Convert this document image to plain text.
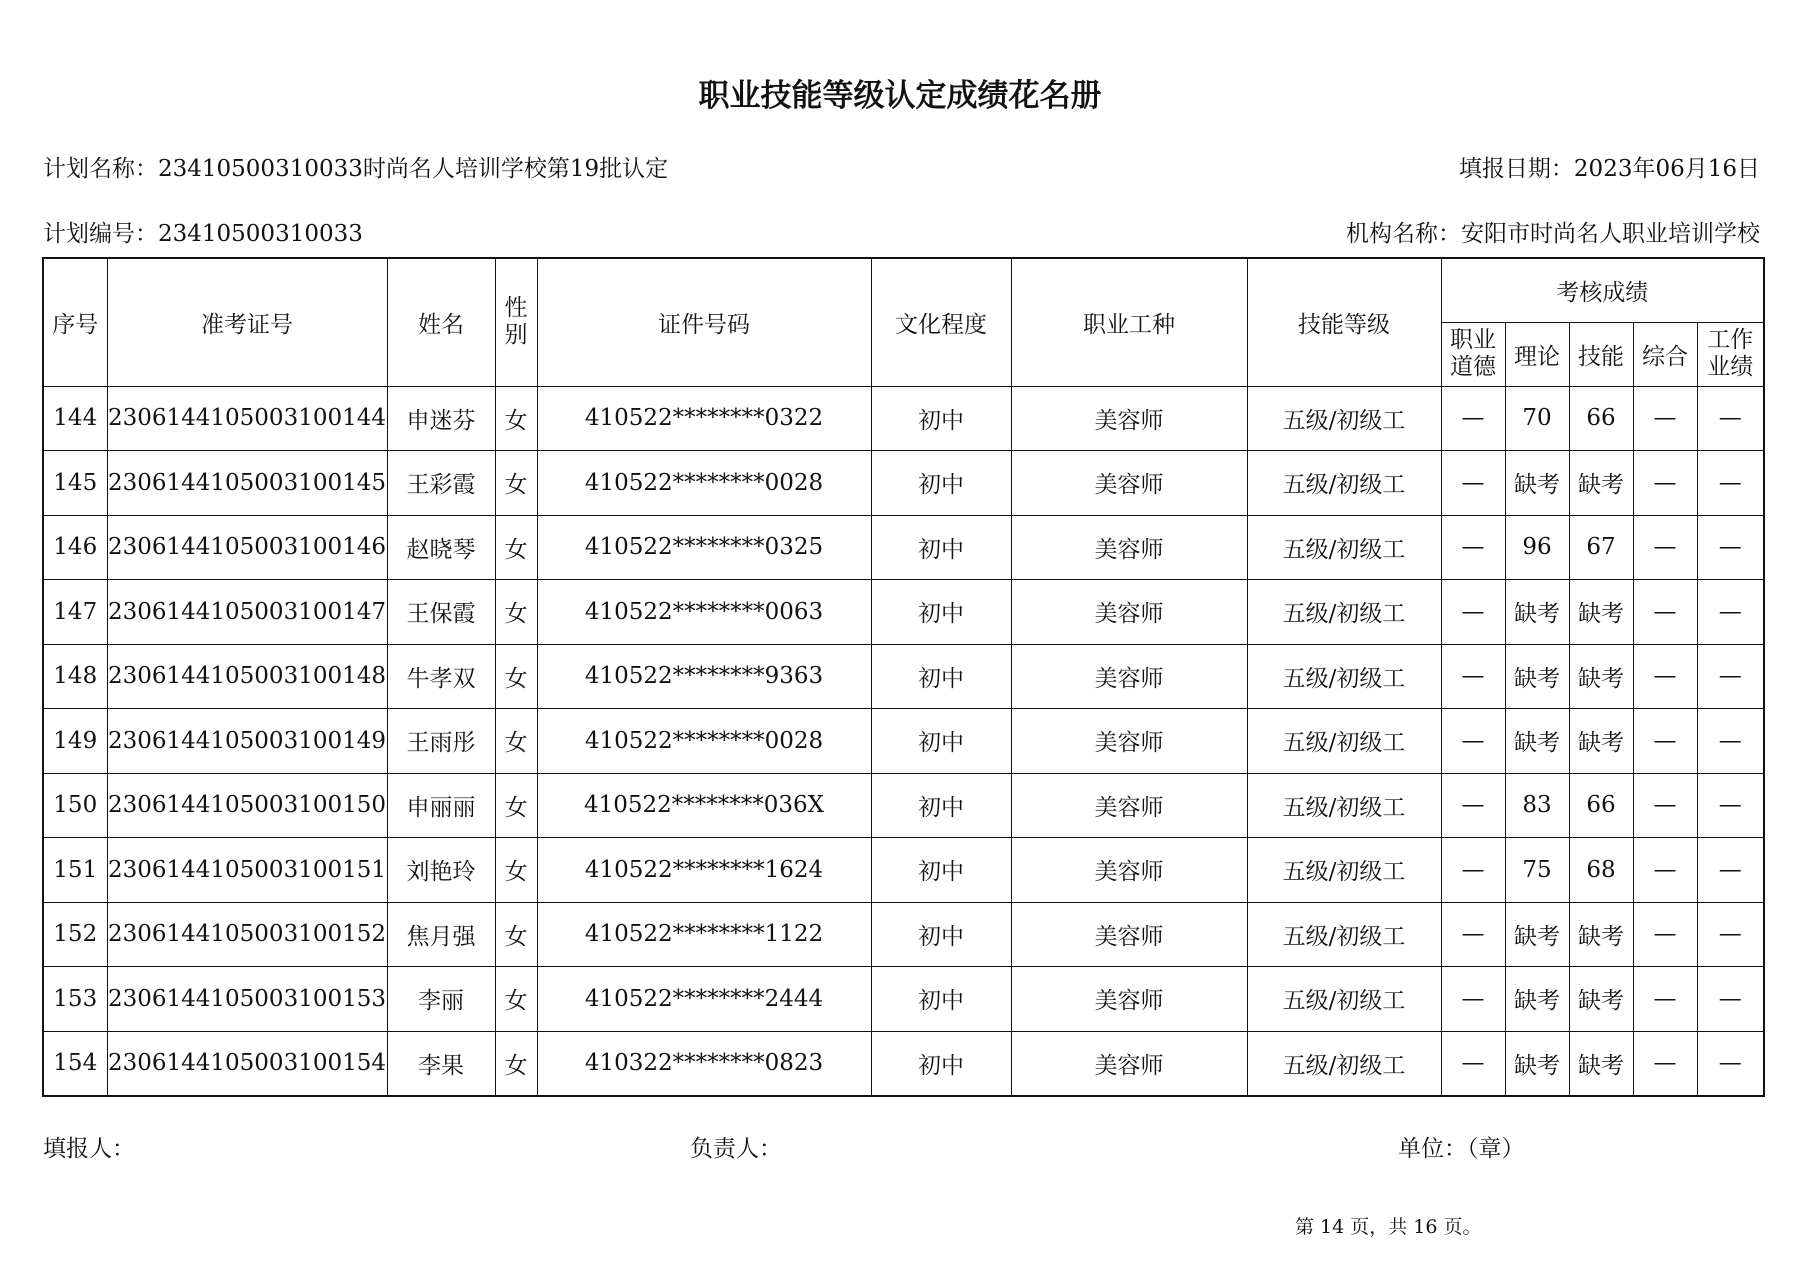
职业技能等级认定成绩花名册
计划名称：23410500310033时尚名人培训学校第19批认定	填报日期：2023年06月16日
计划编号：23410500310033	机构名称：安阳市时尚名人职业培训学校
序号	准考证号	姓名	性别	证件号码	文化程度	职业工种	技能等级	考核成绩				
								职业道德	理论	技能	综合	工作业绩
144	2306144105003100144	申迷芬	女	410522********0322	初中	美容师	五级/初级工	—	70	66	—	—
145	2306144105003100145	王彩霞	女	410522********0028	初中	美容师	五级/初级工	—	缺考	缺考	—	—
146	2306144105003100146	赵晓琴	女	410522********0325	初中	美容师	五级/初级工	—	96	67	—	—
147	2306144105003100147	王保霞	女	410522********0063	初中	美容师	五级/初级工	—	缺考	缺考	—	—
148	2306144105003100148	牛孝双	女	410522********9363	初中	美容师	五级/初级工	—	缺考	缺考	—	—
149	2306144105003100149	王雨彤	女	410522********0028	初中	美容师	五级/初级工	—	缺考	缺考	—	—
150	2306144105003100150	申丽丽	女	410522********036X	初中	美容师	五级/初级工	—	83	66	—	—
151	2306144105003100151	刘艳玲	女	410522********1624	初中	美容师	五级/初级工	—	75	68	—	—
152	2306144105003100152	焦月强	女	410522********1122	初中	美容师	五级/初级工	—	缺考	缺考	—	—
153	2306144105003100153	李丽	女	410522********2444	初中	美容师	五级/初级工	—	缺考	缺考	—	—
154	2306144105003100154	李果	女	410322********0823	初中	美容师	五级/初级工	—	缺考	缺考	—	—
填报人：	负责人：	单位：（章）
第 14 页，共 16 页。
